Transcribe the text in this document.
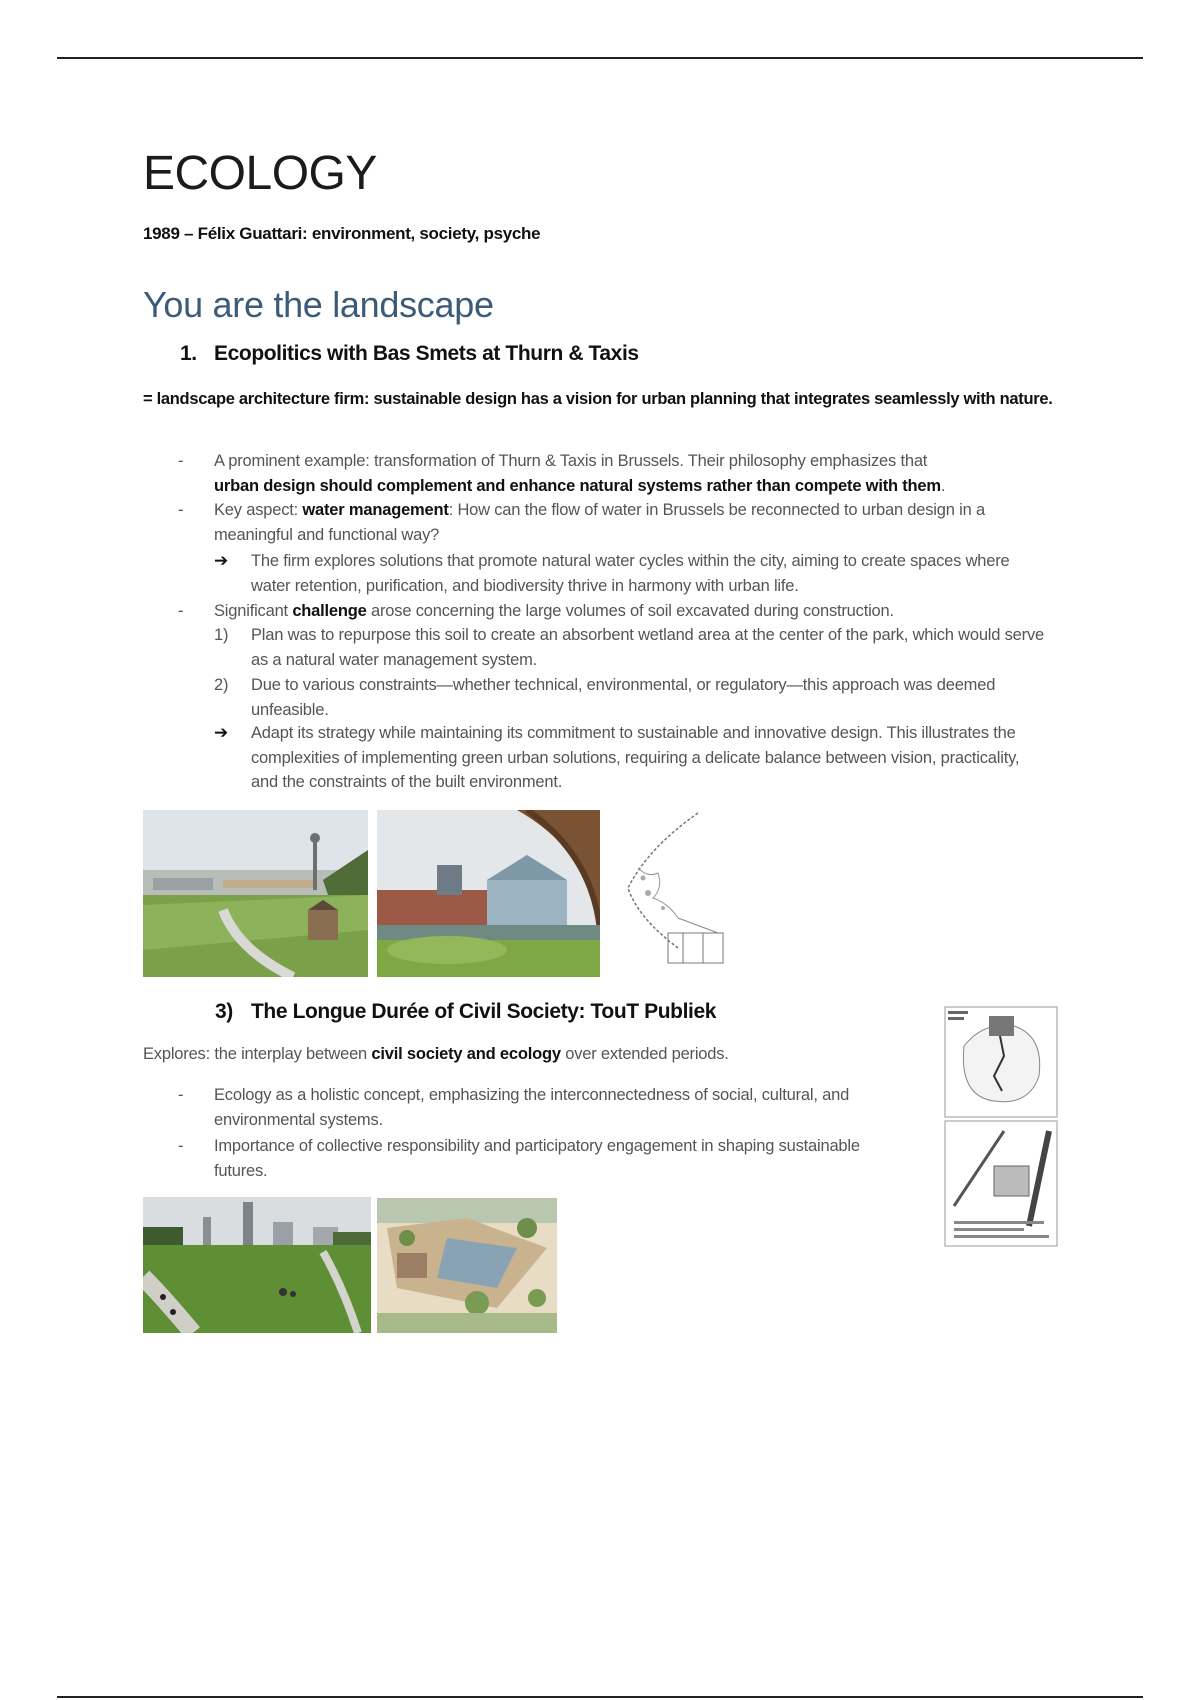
ECOLOGY

1989 – Félix Guattari: environment, society, psyche

You are the landscape
1. Ecopolitics with Bas Smets at Thurn & Taxis

= landscape architecture firm: sustainable design has a vision for urban planning that integrates seamlessly with nature.

- A prominent example: transformation of Thurn & Taxis in Brussels. Their philosophy emphasizes that
urban design should complement and enhance natural systems rather than compete with them.
- Key aspect: water management: How can the flow of water in Brussels be reconnected to urban design in a meaningful and functional way?
➔ The firm explores solutions that promote natural water cycles within the city, aiming to create spaces where water retention, purification, and biodiversity thrive in harmony with urban life.
- Significant challenge arose concerning the large volumes of soil excavated during construction.
1) Plan was to repurpose this soil to create an absorbent wetland area at the center of the park, which would serve as a natural water management system.
2) Due to various constraints—whether technical, environmental, or regulatory—this approach was deemed unfeasible.
➔ Adapt its strategy while maintaining its commitment to sustainable and innovative design. This illustrates the complexities of implementing green urban solutions, requiring a delicate balance between vision, practicality, and the constraints of the built environment.
3) The Longue Durée of Civil Society: TouT Publiek
Explores: the interplay between civil society and ecology over extended periods.
- Ecology as a holistic concept, emphasizing the interconnectedness of social, cultural, and environmental systems.
- Importance of collective responsibility and participatory engagement in shaping sustainable futures.
